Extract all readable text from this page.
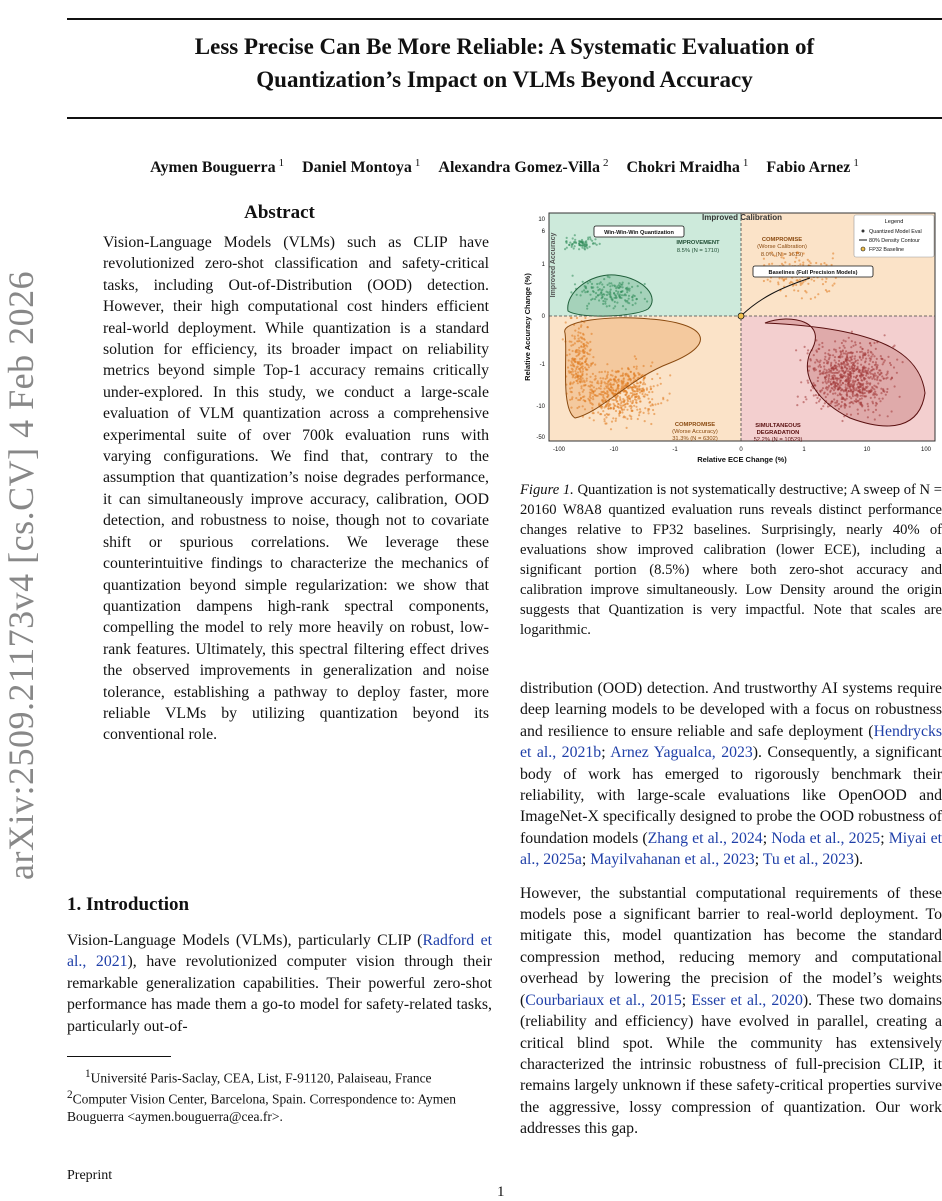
arXiv:2509.21173v4 [cs.CV] 4 Feb 2026
Less Precise Can Be More Reliable: A Systematic Evaluation of
Quantization’s Impact on VLMs Beyond Accuracy
Aymen Bouguerra $^1$ Daniel Montoya $^1$ Alexandra Gomez-Villa $^2$ Chokri Mraidha $^1$ Fabio Arnez $^1$
Abstract
Vision-Language Models (VLMs) such as CLIP have revolutionized zero-shot classification and safety-critical tasks, including Out-of-Distribution (OOD) detection. However, their high computational cost hinders efficient real-world deployment. While quantization is a standard solution for efficiency, its broader impact on reliability metrics beyond simple Top-1 accuracy remains critically under-explored. In this study, we conduct a large-scale evaluation of VLM quantization across a comprehensive experimental suite of over 700k evaluation runs with varying configurations. We find that, contrary to the assumption that quantization’s noise degrades performance, it can simultaneously improve accuracy, calibration, OOD detection, and robustness to noise, though not to covariate shift or spurious correlations. We leverage these counterintuitive findings to characterize the mechanics of quantization beyond simple regularization: we show that quantization dampens high-rank spectral components, compelling the model to rely more heavily on robust, low-rank features. Ultimately, this spectral filtering effect drives the observed improvements in generalization and noise tolerance, establishing a pathway to deploy faster, more reliable VLMs by utilizing quantization beyond its conventional role.
1. Introduction
Vision-Language Models (VLMs), particularly CLIP (Radford et al., 2021), have revolutionized computer vision through their remarkable generalization capabilities. Their powerful zero-shot performance has made them a go-to model for safety-related tasks, particularly out-of-
$^1$Université Paris-Saclay, CEA, List, F-91120, Palaiseau, France
$^2$Computer Vision Center, Barcelona, Spain. Correspondence to: Aymen Bouguerra <aymen.bouguerra@cea.fr>.
Preprint
1
-100	-10	-1	0	1	10	100
10
6
1
0
-1
-10
-50
Relative ECE Change (%)
Relative Accuracy Change (%)
Improved Accuracy
Improved Calibration
Win-Win-Win Quantization
Baselines (Full Precision Models)
IMPROVEMENT
8.5% (N = 1710)
COMPROMISE
(Worse Calibration)
8.0% (N = 1619)
COMPROMISE
(Worse Accuracy)
31.3% (N = 6302)
SIMULTANEOUS
DEGRADATION
52.2% (N = 10529)
Legend
Quantized Model Eval
80% Density Contour
FP32 Baseline
Figure 1. Quantization is not systematically destructive; A sweep of N = 20160 W8A8 quantized evaluation runs reveals distinct performance changes relative to FP32 baselines. Surprisingly, nearly 40% of evaluations show improved calibration (lower ECE), including a significant portion (8.5%) where both zero-shot accuracy and calibration improve simultaneously. Low Density around the origin suggests that Quantization is very impactful. Note that scales are logarithmic.

distribution (OOD) detection. And trustworthy AI systems require deep learning models to be developed with a focus on robustness and resilience to ensure reliable and safe deployment (Hendrycks et al., 2021b; Arnez Yagualca, 2023). Consequently, a significant body of work has emerged to rigorously benchmark their reliability, with large-scale evaluations like OpenOOD and ImageNet-X specifically designed to probe the OOD robustness of foundation models (Zhang et al., 2024; Noda et al., 2025; Miyai et al., 2025a; Mayilvahanan et al., 2023; Tu et al., 2023).

However, the substantial computational requirements of these models pose a significant barrier to real-world deployment. To mitigate this, model quantization has become the standard compression method, reducing memory and computational overhead by lowering the precision of the model’s weights (Courbariaux et al., 2015; Esser et al., 2020). These two domains (reliability and efficiency) have evolved in parallel, creating a critical blind spot. While the community has extensively characterized the intrinsic robustness of full-precision CLIP, it remains largely unknown if these safety-critical properties survive the aggressive, lossy compression of quantization. Our work addresses this gap.
